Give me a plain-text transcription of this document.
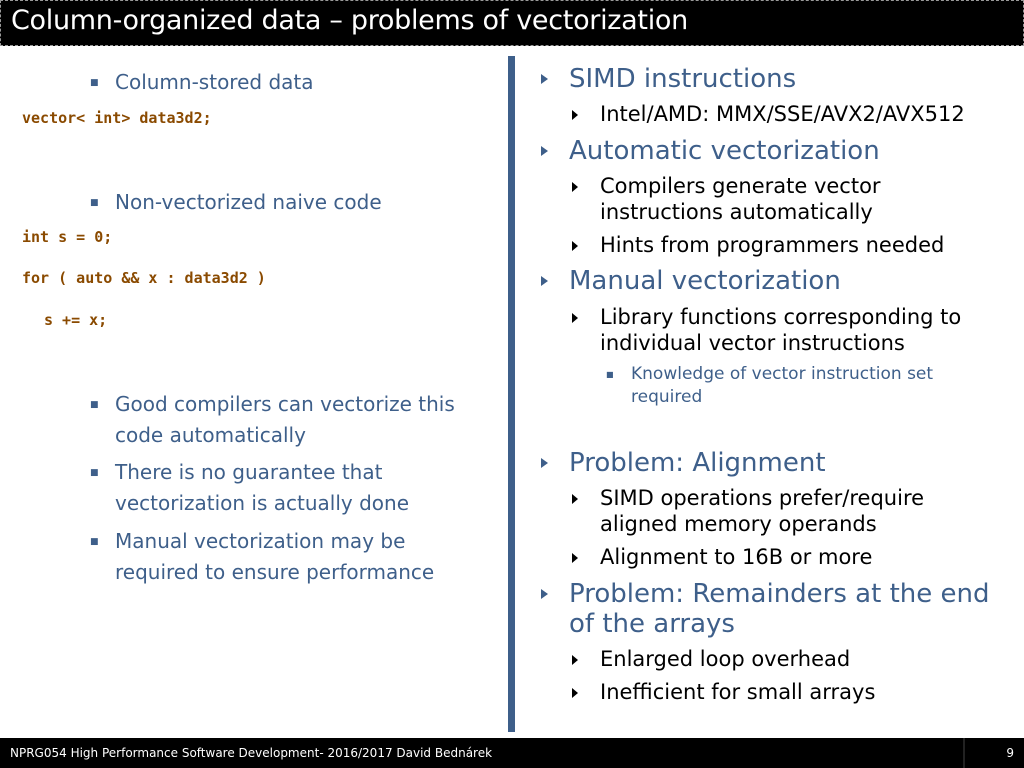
Column-organized data – problems of vectorization
■ Column-stored data
vector< int> data3d2;
■ Non-vectorized naive code
int s = 0;
for ( auto && x : data3d2 )
s += x;
■ Good compilers can vectorize this
code automatically
■ There is no guarantee that
vectorization is actually done
■ Manual vectorization may be
required to ensure performance
SIMD instructions
Intel/AMD: MMX/SSE/AVX2/AVX512
Automatic vectorization
Compilers generate vector
instructions automatically
Hints from programmers needed
Manual vectorization
Library functions corresponding to
individual vector instructions
■ Knowledge of vector instruction set
required
Problem: Alignment
SIMD operations prefer/require
aligned memory operands
Alignment to 16B or more
Problem: Remainders at the end
of the arrays
Enlarged loop overhead
Inefficient for small arrays
NPRG054 High Performance Software Development- 2016/2017 David Bednárek	9
